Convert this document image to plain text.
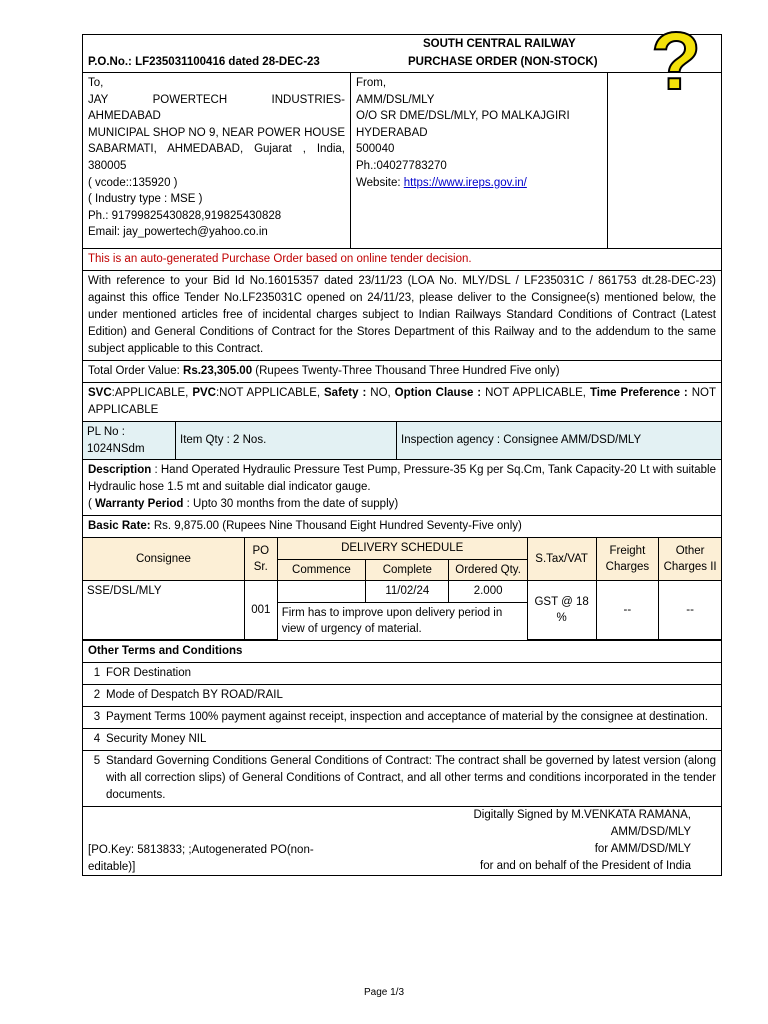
P.O.No.: LF235031100416 dated 28-DEC-23
SOUTH CENTRAL RAILWAY
PURCHASE ORDER (NON-STOCK) ?
To,
JAY	POWERTECH	INDUSTRIES-
AHMEDABAD
MUNICIPAL SHOP NO 9, NEAR POWER HOUSE SABARMATI, AHMEDABAD, Gujarat , India, 380005
( vcode::135920 )
( Industry type : MSE )
Ph.: 91799825430828,919825430828
Email: jay_powertech@yahoo.co.in
From,
AMM/DSL/MLY
O/O SR DME/DSL/MLY, PO MALKAJGIRI
HYDERABAD
500040
Ph.:04027783270
Website: https://www.ireps.gov.in/
This is an auto-generated Purchase Order based on online tender decision.
With reference to your Bid Id No.16015357 dated 23/11/23 (LOA No. MLY/DSL / LF235031C / 861753 dt.28-DEC-23) against this office Tender No.LF235031C opened on 24/11/23, please deliver to the Consignee(s) mentioned below, the under mentioned articles free of incidental charges subject to Indian Railways Standard Conditions of Contract (Latest Edition) and General Conditions of Contract for the Stores Department of this Railway and to the addendum to the same subject applicable to this Contract.
Total Order Value: Rs.23,305.00 (Rupees Twenty-Three Thousand Three Hundred Five only)
SVC:APPLICABLE, PVC:NOT APPLICABLE, Safety : NO, Option Clause : NOT APPLICABLE, Time Preference : NOT APPLICABLE
PL No :
1024NSdm
	Item Qty : 2 Nos.	Inspection agency : Consignee AMM/DSD/MLY
Description : Hand Operated Hydraulic Pressure Test Pump, Pressure-35 Kg per Sq.Cm, Tank Capacity-20 Lt with suitable Hydraulic hose 1.5 mt and suitable dial indicator gauge.
( Warranty Period : Upto 30 months from the date of supply)
Basic Rate: Rs. 9,875.00 (Rupees Nine Thousand Eight Hundred Seventy-Five only)
Consignee	PO Sr.	DELIVERY SCHEDULE			S.Tax/VAT	Freight Charges	Other Charges II
		Commence	Complete	Ordered Qty.			
SSE/DSL/MLY	001		11/02/24	2.000	GST @ 18 %	--	--
		Firm has to improve upon delivery period in view of urgency of material.					
Other Terms and Conditions
1 FOR Destination
2 Mode of Despatch BY ROAD/RAIL
3 Payment Terms 100% payment against receipt, inspection and acceptance of material by the consignee at destination.
4 Security Money NIL
5 Standard Governing Conditions General Conditions of Contract: The contract shall be governed by latest version (along with all correction slips) of General Conditions of Contract, and all other terms and conditions incorporated in the tender documents.
[PO.Key: 5813833; ;Autogenerated PO(non-editable)]
Digitally Signed by M.VENKATA RAMANA,
AMM/DSD/MLY
for AMM/DSD/MLY
for and on behalf of the President of India
Page 1/3
